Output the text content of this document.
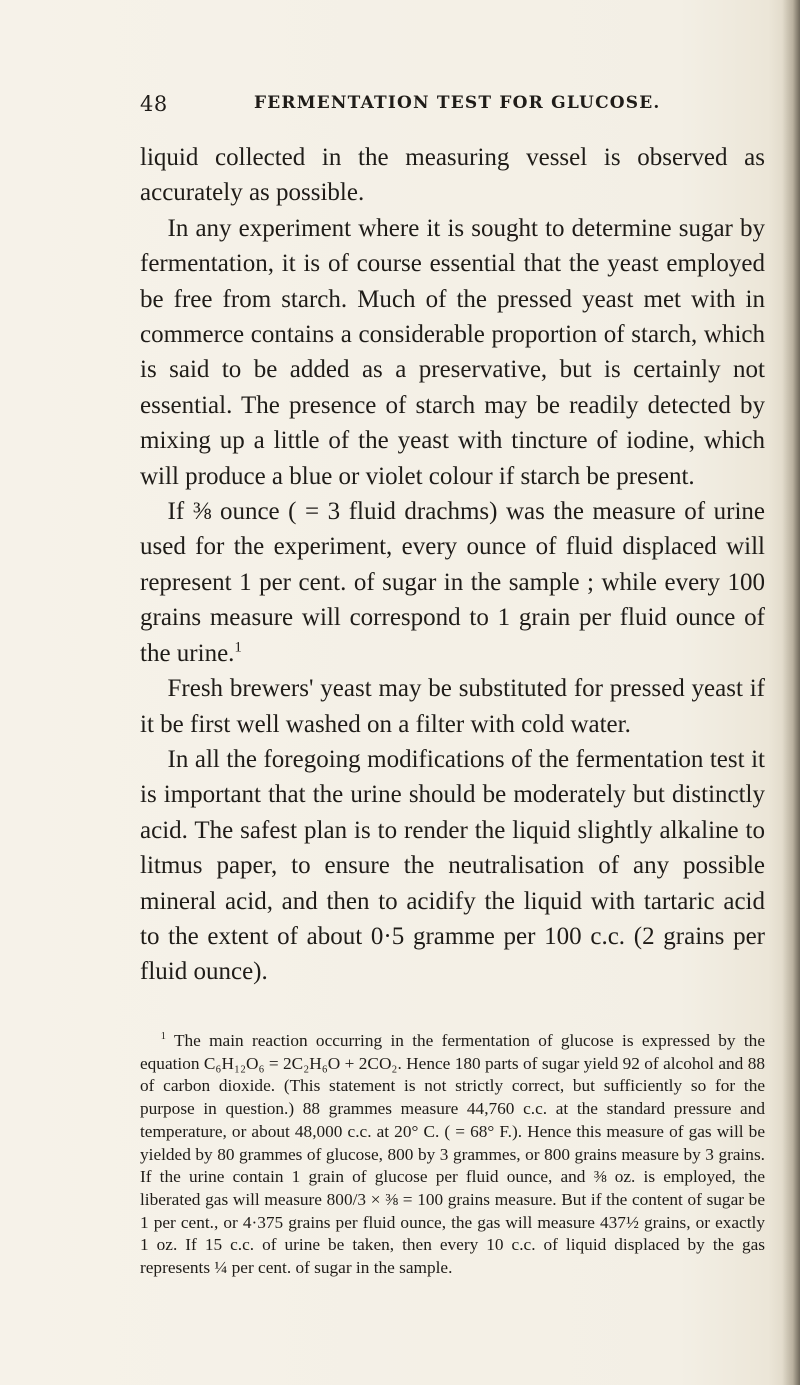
48	FERMENTATION TEST FOR GLUCOSE.

liquid collected in the measuring vessel is observed as accurately as possible.

In any experiment where it is sought to determine sugar by fermentation, it is of course essential that the yeast employed be free from starch. Much of the pressed yeast met with in commerce contains a considerable proportion of starch, which is said to be added as a preservative, but is certainly not essential. The presence of starch may be readily detected by mixing up a little of the yeast with tincture of iodine, which will produce a blue or violet colour if starch be present.

If ⅜ ounce ( = 3 fluid drachms) was the measure of urine used for the experiment, every ounce of fluid displaced will represent 1 per cent. of sugar in the sample ; while every 100 grains measure will correspond to 1 grain per fluid ounce of the urine.$^1$

Fresh brewers' yeast may be substituted for pressed yeast if it be first well washed on a filter with cold water.

In all the foregoing modifications of the fermentation test it is important that the urine should be moderately but distinctly acid. The safest plan is to render the liquid slightly alkaline to litmus paper, to ensure the neutralisation of any possible mineral acid, and then to acidify the liquid with tartaric acid to the extent of about 0·5 gramme per 100 c.c. (2 grains per fluid ounce).

$^1$ The main reaction occurring in the fermentation of glucose is expressed by the equation C₆H₁₂O₆ = 2C₂H₆O + 2CO₂. Hence 180 parts of sugar yield 92 of alcohol and 88 of carbon dioxide. (This statement is not strictly correct, but sufficiently so for the purpose in question.) 88 grammes measure 44,760 c.c. at the standard pressure and temperature, or about 48,000 c.c. at 20° C. ( = 68° F.). Hence this measure of gas will be yielded by 80 grammes of glucose, 800 by 3 grammes, or 800 grains measure by 3 grains. If the urine contain 1 grain of glucose per fluid ounce, and ⅜ oz. is employed, the liberated gas will measure 800/3 × ⅜ = 100 grains measure. But if the content of sugar be 1 per cent., or 4·375 grains per fluid ounce, the gas will measure 437½ grains, or exactly 1 oz. If 15 c.c. of urine be taken, then every 10 c.c. of liquid displaced by the gas represents ¼ per cent. of sugar in the sample.
